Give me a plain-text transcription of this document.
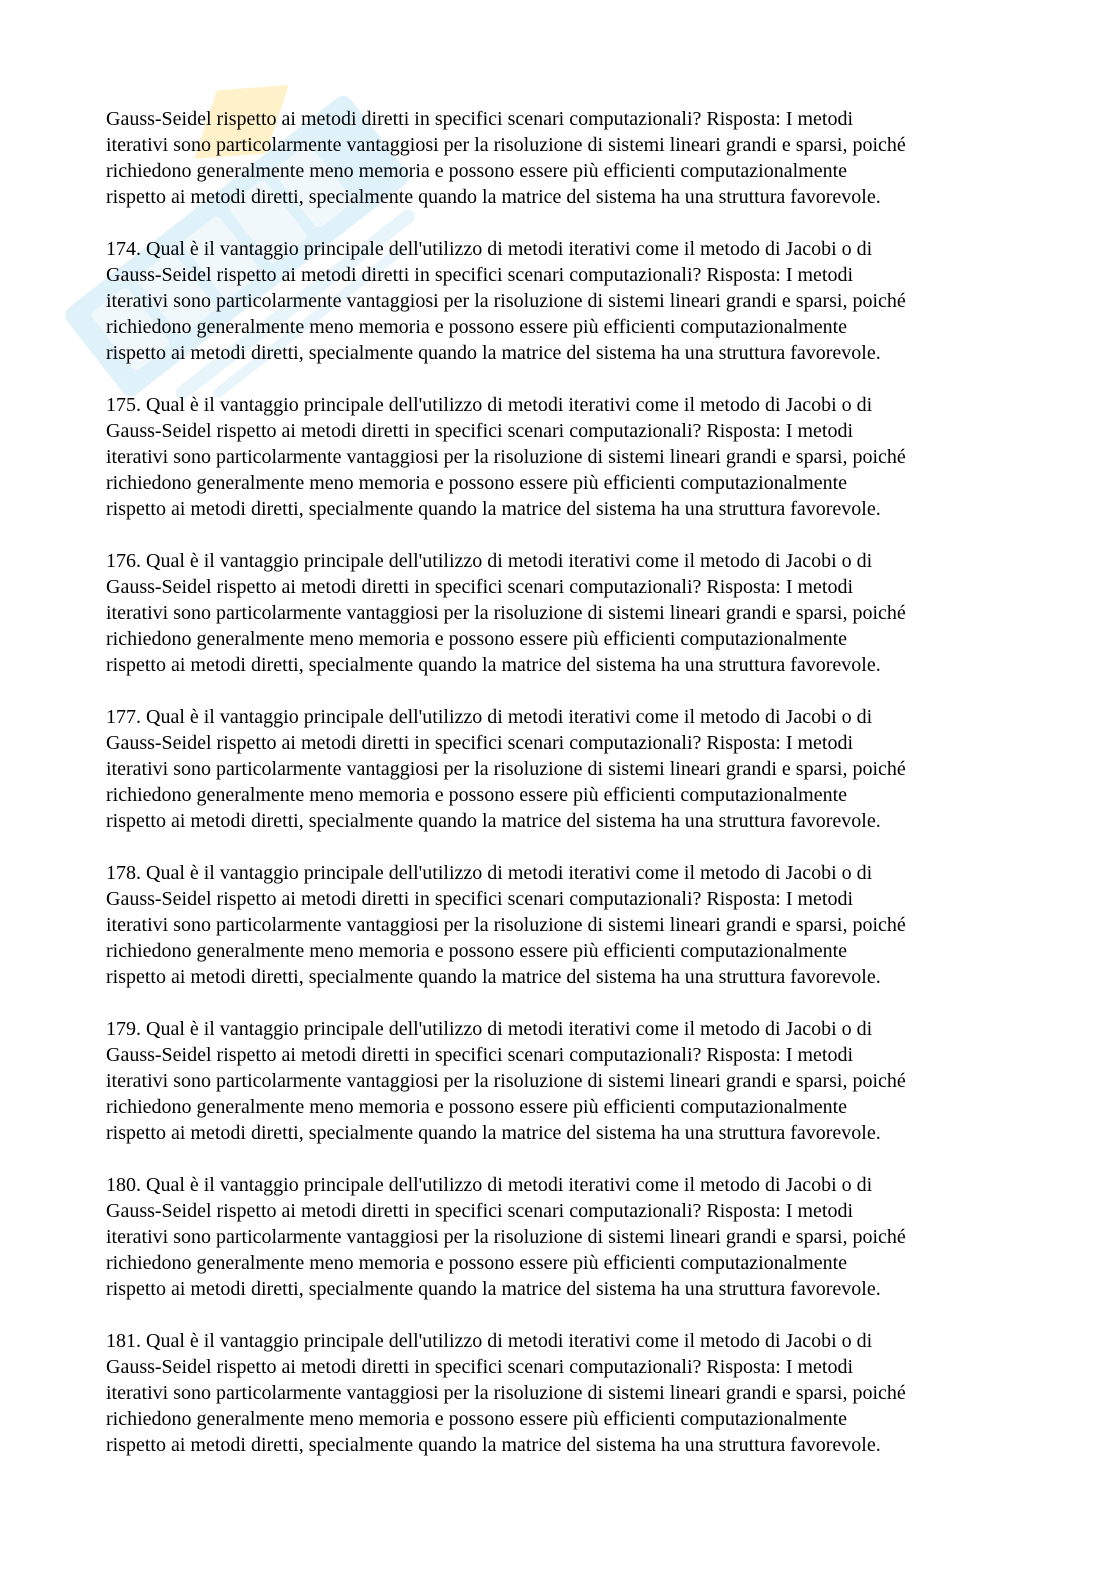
Gauss-Seidel rispetto ai metodi diretti in specifici scenari computazionali? Risposta: I metodi
iterativi sono particolarmente vantaggiosi per la risoluzione di sistemi lineari grandi e sparsi, poiché
richiedono generalmente meno memoria e possono essere più efficienti computazionalmente
rispetto ai metodi diretti, specialmente quando la matrice del sistema ha una struttura favorevole.
174. Qual è il vantaggio principale dell'utilizzo di metodi iterativi come il metodo di Jacobi o di
Gauss-Seidel rispetto ai metodi diretti in specifici scenari computazionali? Risposta: I metodi
iterativi sono particolarmente vantaggiosi per la risoluzione di sistemi lineari grandi e sparsi, poiché
richiedono generalmente meno memoria e possono essere più efficienti computazionalmente
rispetto ai metodi diretti, specialmente quando la matrice del sistema ha una struttura favorevole.
175. Qual è il vantaggio principale dell'utilizzo di metodi iterativi come il metodo di Jacobi o di
Gauss-Seidel rispetto ai metodi diretti in specifici scenari computazionali? Risposta: I metodi
iterativi sono particolarmente vantaggiosi per la risoluzione di sistemi lineari grandi e sparsi, poiché
richiedono generalmente meno memoria e possono essere più efficienti computazionalmente
rispetto ai metodi diretti, specialmente quando la matrice del sistema ha una struttura favorevole.
176. Qual è il vantaggio principale dell'utilizzo di metodi iterativi come il metodo di Jacobi o di
Gauss-Seidel rispetto ai metodi diretti in specifici scenari computazionali? Risposta: I metodi
iterativi sono particolarmente vantaggiosi per la risoluzione di sistemi lineari grandi e sparsi, poiché
richiedono generalmente meno memoria e possono essere più efficienti computazionalmente
rispetto ai metodi diretti, specialmente quando la matrice del sistema ha una struttura favorevole.
177. Qual è il vantaggio principale dell'utilizzo di metodi iterativi come il metodo di Jacobi o di
Gauss-Seidel rispetto ai metodi diretti in specifici scenari computazionali? Risposta: I metodi
iterativi sono particolarmente vantaggiosi per la risoluzione di sistemi lineari grandi e sparsi, poiché
richiedono generalmente meno memoria e possono essere più efficienti computazionalmente
rispetto ai metodi diretti, specialmente quando la matrice del sistema ha una struttura favorevole.
178. Qual è il vantaggio principale dell'utilizzo di metodi iterativi come il metodo di Jacobi o di
Gauss-Seidel rispetto ai metodi diretti in specifici scenari computazionali? Risposta: I metodi
iterativi sono particolarmente vantaggiosi per la risoluzione di sistemi lineari grandi e sparsi, poiché
richiedono generalmente meno memoria e possono essere più efficienti computazionalmente
rispetto ai metodi diretti, specialmente quando la matrice del sistema ha una struttura favorevole.
179. Qual è il vantaggio principale dell'utilizzo di metodi iterativi come il metodo di Jacobi o di
Gauss-Seidel rispetto ai metodi diretti in specifici scenari computazionali? Risposta: I metodi
iterativi sono particolarmente vantaggiosi per la risoluzione di sistemi lineari grandi e sparsi, poiché
richiedono generalmente meno memoria e possono essere più efficienti computazionalmente
rispetto ai metodi diretti, specialmente quando la matrice del sistema ha una struttura favorevole.
180. Qual è il vantaggio principale dell'utilizzo di metodi iterativi come il metodo di Jacobi o di
Gauss-Seidel rispetto ai metodi diretti in specifici scenari computazionali? Risposta: I metodi
iterativi sono particolarmente vantaggiosi per la risoluzione di sistemi lineari grandi e sparsi, poiché
richiedono generalmente meno memoria e possono essere più efficienti computazionalmente
rispetto ai metodi diretti, specialmente quando la matrice del sistema ha una struttura favorevole.
181. Qual è il vantaggio principale dell'utilizzo di metodi iterativi come il metodo di Jacobi o di
Gauss-Seidel rispetto ai metodi diretti in specifici scenari computazionali? Risposta: I metodi
iterativi sono particolarmente vantaggiosi per la risoluzione di sistemi lineari grandi e sparsi, poiché
richiedono generalmente meno memoria e possono essere più efficienti computazionalmente
rispetto ai metodi diretti, specialmente quando la matrice del sistema ha una struttura favorevole.
